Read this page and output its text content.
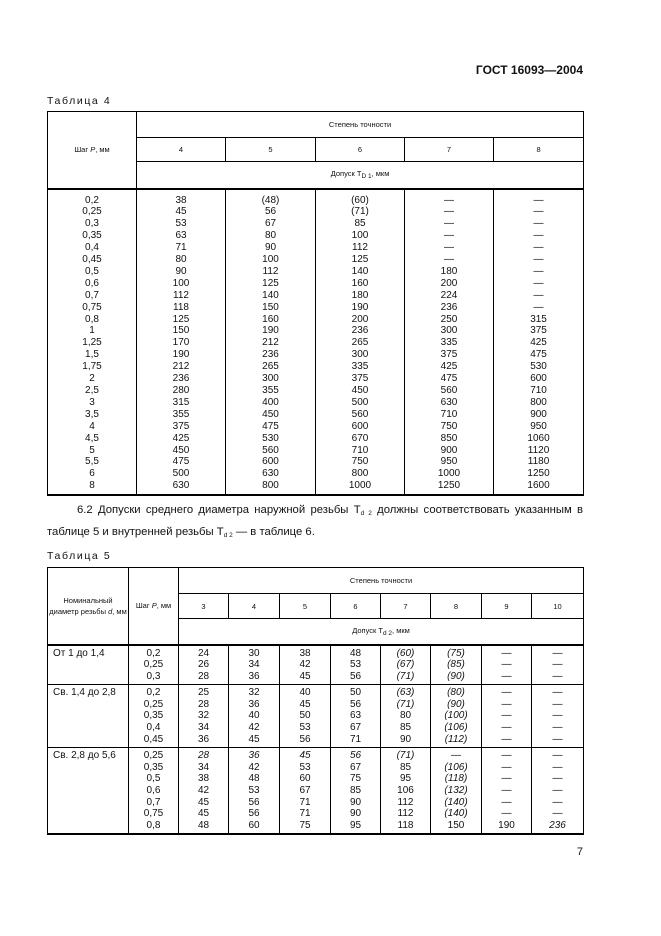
ГОСТ 16093—2004
Таблица 4
Шаг P, мм	Степень точности				
	4	5	6	7	8
	Допуск $T_{D 1}$, мкм				

0,2	38	(48)	(60)	—	—
0,25	45	56	(71)	—	—
0,3	53	67	85	—	—
0,35	63	80	100	—	—
0,4	71	90	112	—	—
0,45	80	100	125	—	—
0,5	90	112	140	180	—
0,6	100	125	160	200	—
0,7	112	140	180	224	—
0,75	118	150	190	236	—
0,8	125	160	200	250	315
1	150	190	236	300	375
1,25	170	212	265	335	425
1,5	190	236	300	375	475
1,75	212	265	335	425	530
2	236	300	375	475	600
2,5	280	355	450	560	710
3	315	400	500	630	800
3,5	355	450	560	710	900
4	375	475	600	750	950
4,5	425	530	670	850	1060
5	450	560	710	900	1120
5,5	475	600	750	950	1180
6	500	630	800	1000	1250
8	630	800	1000	1250	1600
6.2 Допуски среднего диаметра наружной резьбы $T_{d 2}$ должны соответствовать указанным в таблице 5 и внутренней резьбы $T_{d 2}$ — в таблице 6.
Таблица 5
Номинальный диаметр резьбы d, мм	Шаг P, мм	Степень точности							
		3	4	5	6	7	8	9	10
		Допуск $T_{d 2}$, мкм							
От 1 до 1,4	0,2	24	30	38	48	(60)	(75)	—	—
	0,25	26	34	42	53	(67)	(85)	—	—
	0,3	28	36	45	56	(71)	(90)	—	—
Св. 1,4 до 2,8	0,2	25	32	40	50	(63)	(80)	—	—
	0,25	28	36	45	56	(71)	(90)	—	—
	0,35	32	40	50	63	80	(100)	—	—
	0,4	34	42	53	67	85	(106)	—	—
	0,45	36	45	56	71	90	(112)	—	—
Св. 2,8 до 5,6	0,25	28	36	45	56	(71)	—	—	—
	0,35	34	42	53	67	85	(106)	—	—
	0,5	38	48	60	75	95	(118)	—	—
	0,6	42	53	67	85	106	(132)	—	—
	0,7	45	56	71	90	112	(140)	—	—
	0,75	45	56	71	90	112	(140)	—	—
	0,8	48	60	75	95	118	150	190	236
7
